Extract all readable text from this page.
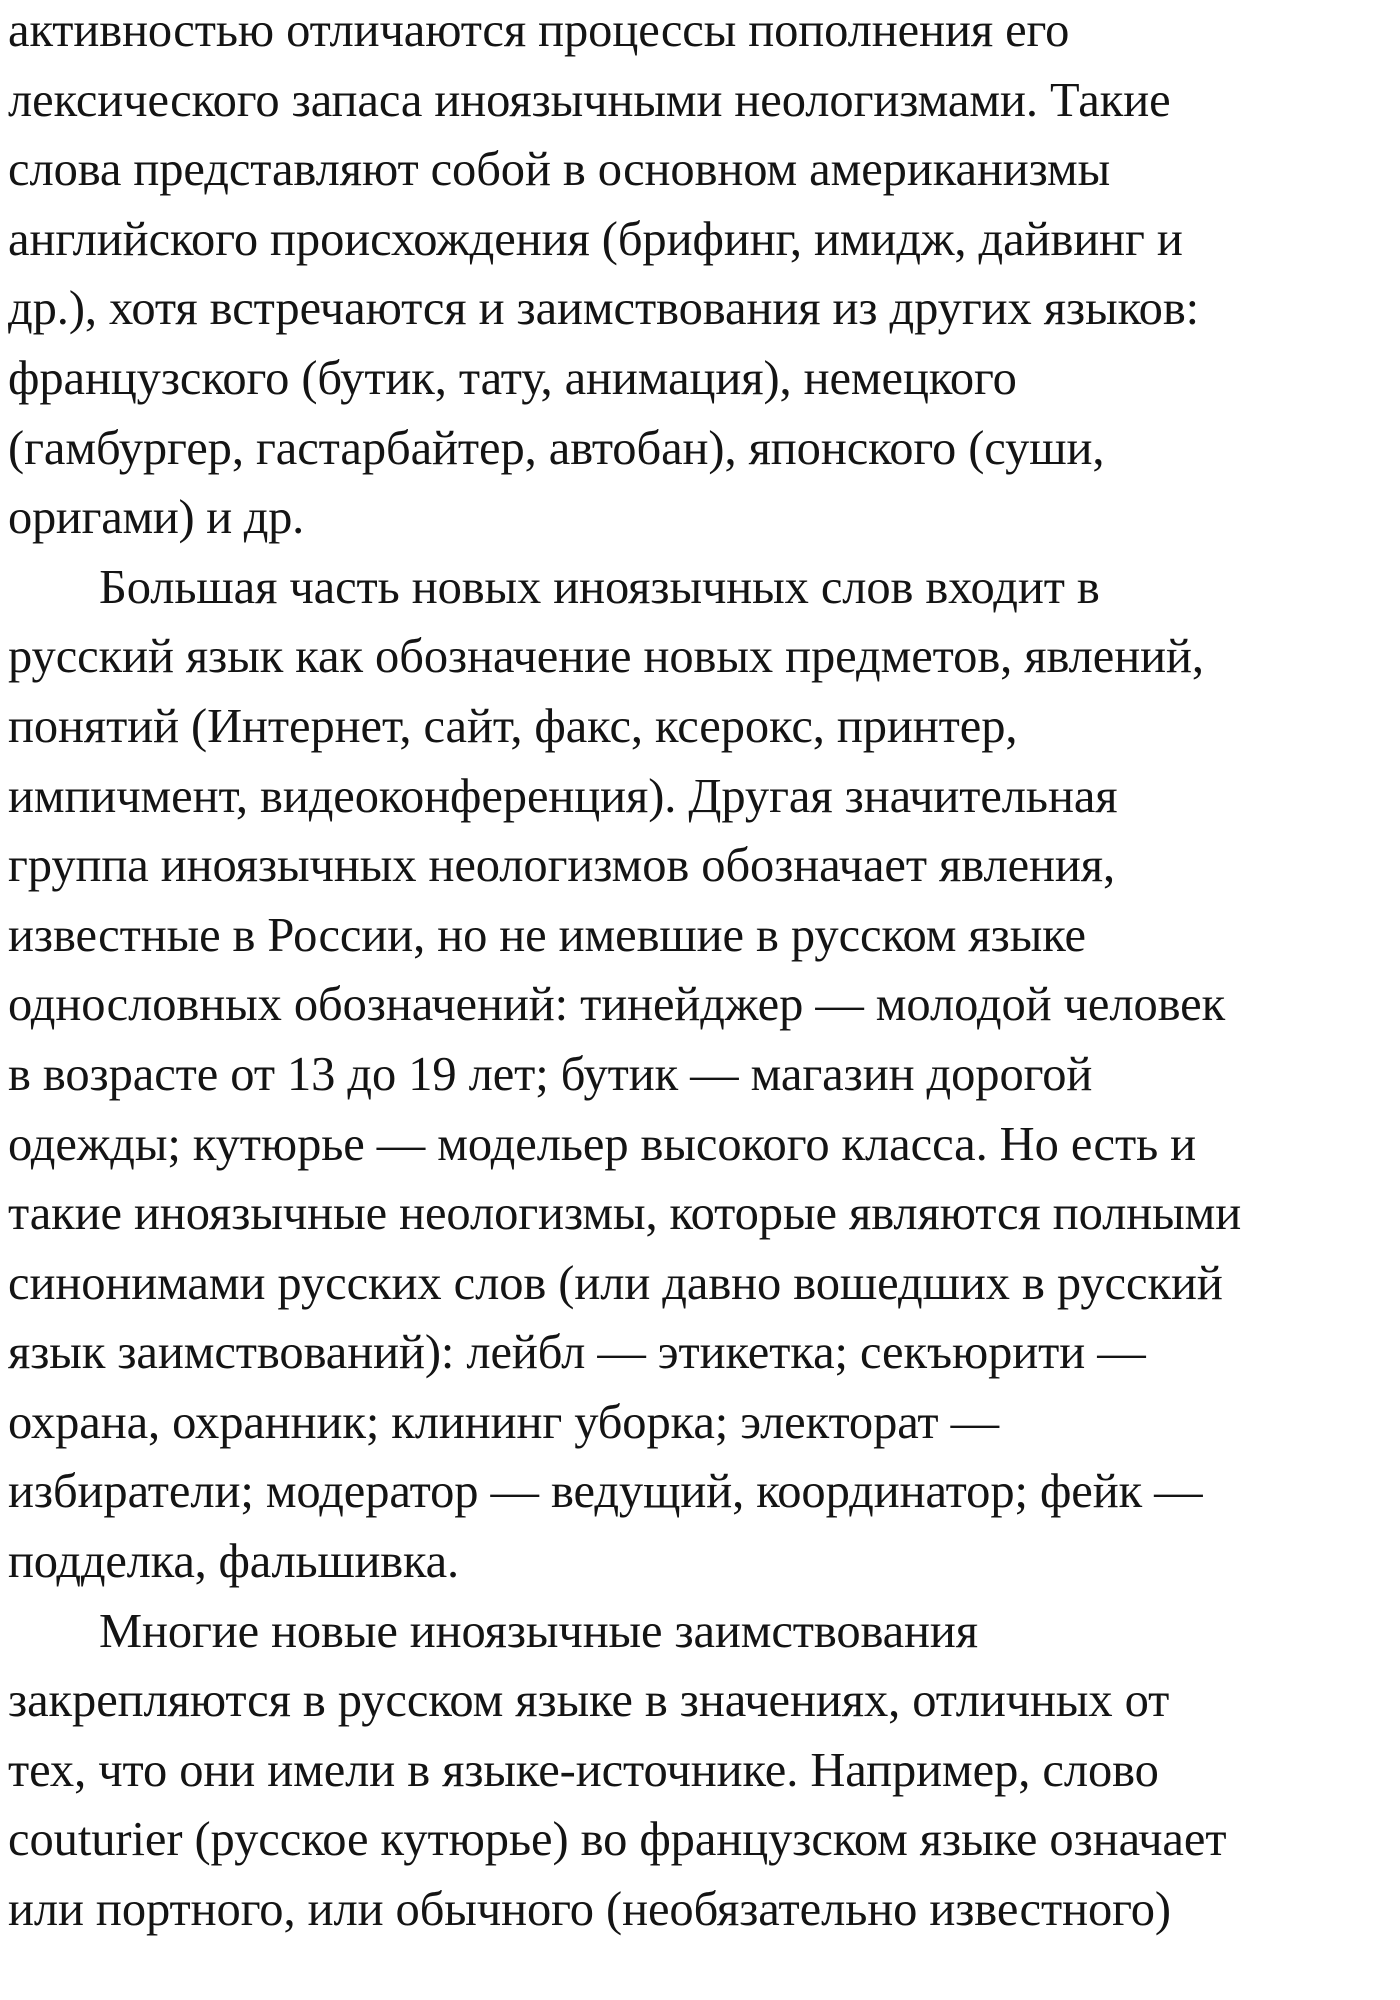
активностью отличаются процессы пополнения его
лексического запаса иноязычными неологизмами. Такие
слова представляют собой в основном американизмы
английского происхождения (брифинг, имидж, дайвинг и
др.), хотя встречаются и заимствования из других языков:
французского (бутик, тату, анимация), немецкого
(гамбургер, гастарбайтер, автобан), японского (суши,
оригами) и др.
Большая часть новых иноязычных слов входит в
русский язык как обозначение новых предметов, явлений,
понятий (Интернет, сайт, факс, ксерокс, принтер,
импичмент, видеоконференция). Другая значительная
группа иноязычных неологизмов обозначает явления,
известные в России, но не имевшие в русском языке
однословных обозначений: тинейджер — молодой человек
в возрасте от 13 до 19 лет; бутик — магазин дорогой
одежды; кутюрье — модельер высокого класса. Но есть и
такие иноязычные неологизмы, которые являются полными
синонимами русских слов (или давно вошедших в русский
язык заимствований): лейбл — этикетка; секъюрити —
охрана, охранник; клининг уборка; электорат —
избиратели; модератор — ведущий, координатор; фейк —
подделка, фальшивка.
Многие новые иноязычные заимствования
закрепляются в русском языке в значениях, отличных от
тех, что они имели в языке-источнике. Например, слово
couturier (русское кутюрье) во французском языке означает
или портного, или обычного (необязательно известного)
